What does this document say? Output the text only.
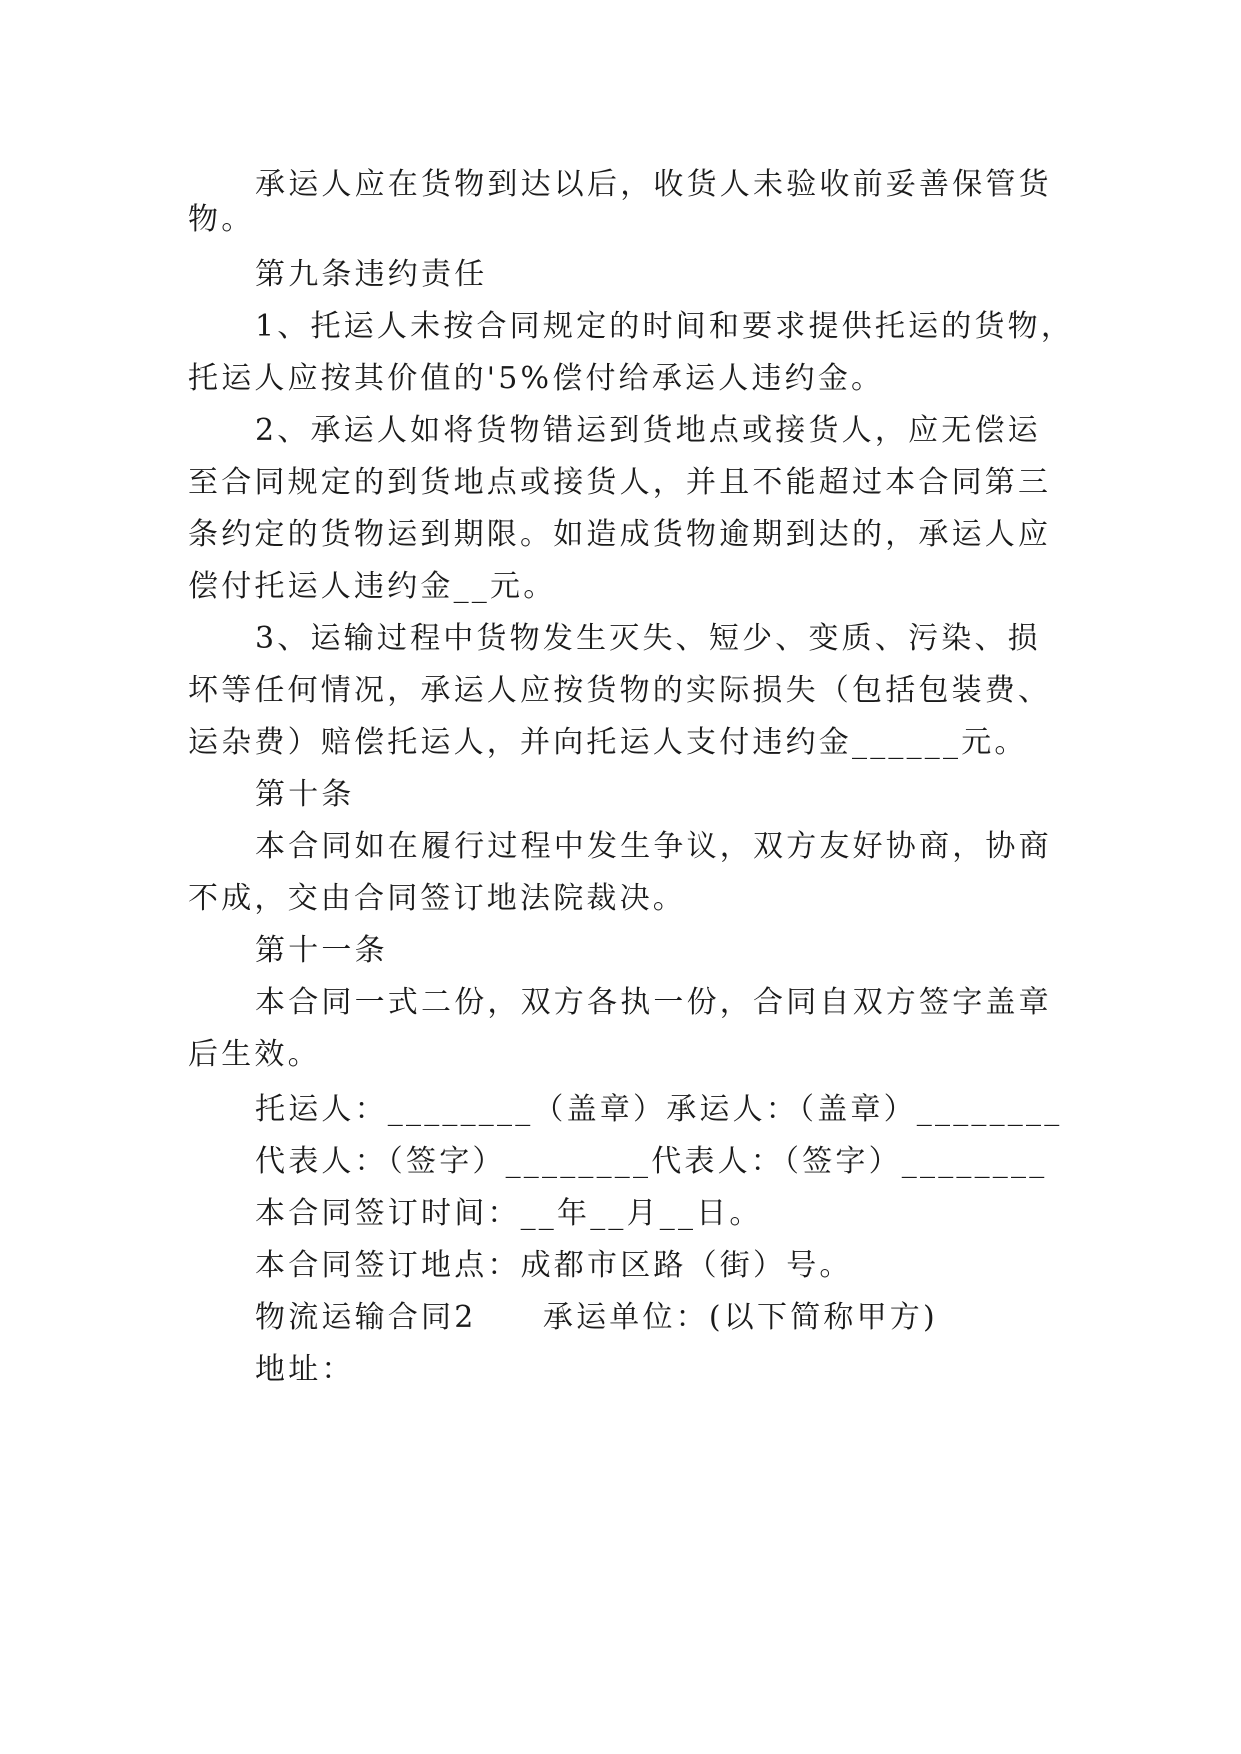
承运人应在货物到达以后，收货人未验收前妥善保管货
物。
第九条违约责任
1、托运人未按合同规定的时间和要求提供托运的货物，
托运人应按其价值的'5%偿付给承运人违约金。
2、承运人如将货物错运到货地点或接货人，应无偿运
至合同规定的到货地点或接货人，并且不能超过本合同第三
条约定的货物运到期限。如造成货物逾期到达的，承运人应
偿付托运人违约金__元。
3、运输过程中货物发生灭失、短少、变质、污染、损
坏等任何情况，承运人应按货物的实际损失（包括包装费、
运杂费）赔偿托运人，并向托运人支付违约金______元。
第十条
本合同如在履行过程中发生争议，双方友好协商，协商
不成，交由合同签订地法院裁决。
第十一条
本合同一式二份，双方各执一份，合同自双方签字盖章
后生效。
托运人：________（盖章）承运人：（盖章）________
代表人：（签字）________代表人：（签字）________
本合同签订时间：__年__月__日。
本合同签订地点：成都市区路（街）号。
物流运输合同2　　承运单位：(以下简称甲方)
地址：
